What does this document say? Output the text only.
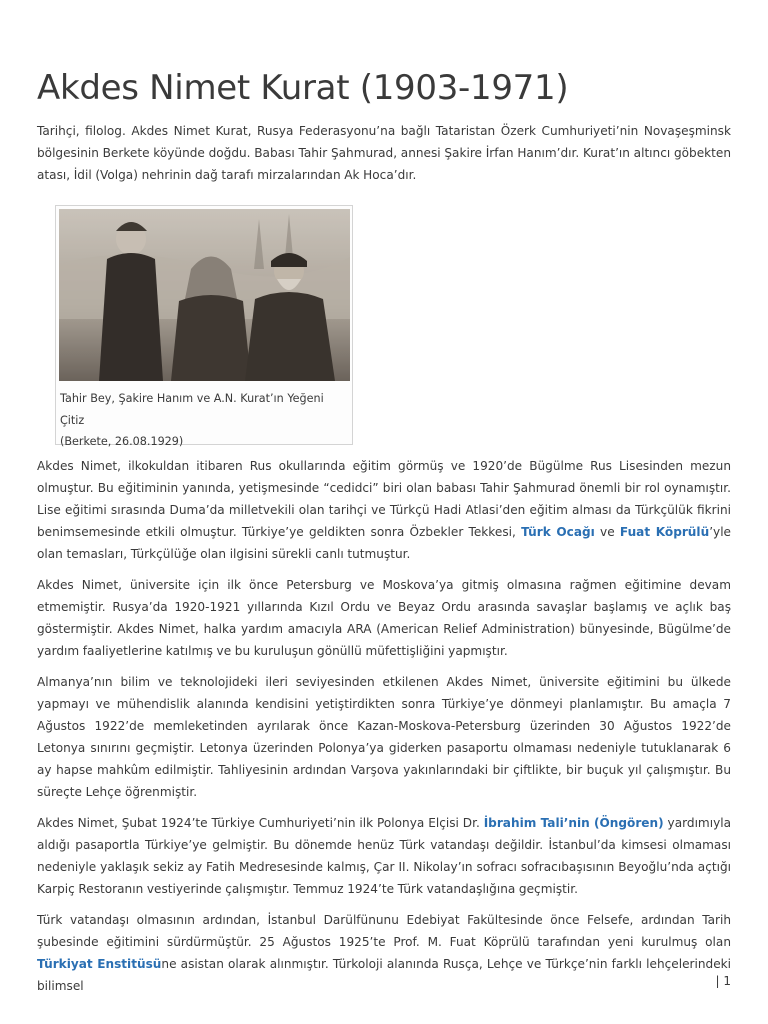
Akdes Nimet Kurat (1903-1971)

Tarihçi, filolog. Akdes Nimet Kurat, Rusya Federasyonu’na bağlı Tataristan Özerk Cumhuriyeti’nin Novaşeşminsk bölgesinin Berkete köyünde doğdu. Babası Tahir Şahmurad, annesi Şakire İrfan Hanım’dır. Kurat’ın altıncı göbekten atası, İdil (Volga) nehrinin dağ tarafı mirzalarından Ak Hoca’dır.

Tahir Bey, Şakire Hanım ve A.N. Kurat’ın Yeğeni Çitiz
(Berkete, 26.08.1929)

Akdes Nimet, ilkokuldan itibaren Rus okullarında eğitim görmüş ve 1920’de Bügülme Rus Lisesinden mezun olmuştur. Bu eğitiminin yanında, yetişmesinde “cedidci” biri olan babası Tahir Şahmurad önemli bir rol oynamıştır. Lise eğitimi sırasında Duma’da milletvekili olan tarihçi ve Türkçü Hadi Atlasi’den eğitim alması da Türkçülük fikrini benimsemesinde etkili olmuştur. Türkiye’ye geldikten sonra Özbekler Tekkesi, Türk Ocağı ve Fuat Köprülü’yle olan temasları, Türkçülüğe olan ilgisini sürekli canlı tutmuştur.

Akdes Nimet, üniversite için ilk önce Petersburg ve Moskova’ya gitmiş olmasına rağmen eğitimine devam etmemiştir. Rusya’da 1920-1921 yıllarında Kızıl Ordu ve Beyaz Ordu arasında savaşlar başlamış ve açlık baş göstermiştir. Akdes Nimet, halka yardım amacıyla ARA (American Relief Administration) bünyesinde, Bügülme’de yardım faaliyetlerine katılmış ve bu kuruluşun gönüllü müfettişliğini yapmıştır.

Almanya’nın bilim ve teknolojideki ileri seviyesinden etkilenen Akdes Nimet, üniversite eğitimini bu ülkede yapmayı ve mühendislik alanında kendisini yetiştirdikten sonra Türkiye’ye dönmeyi planlamıştır. Bu amaçla 7 Ağustos 1922’de memleketinden ayrılarak önce Kazan-Moskova-Petersburg üzerinden 30 Ağustos 1922’de Letonya sınırını geçmiştir. Letonya üzerinden Polonya’ya giderken pasaportu olmaması nedeniyle tutuklanarak 6 ay hapse mahkûm edilmiştir. Tahliyesinin ardından Varşova yakınlarındaki bir çiftlikte, bir buçuk yıl çalışmıştır. Bu süreçte Lehçe öğrenmiştir.

Akdes Nimet, Şubat 1924’te Türkiye Cumhuriyeti’nin ilk Polonya Elçisi Dr. İbrahim Tali’nin (Öngören) yardımıyla aldığı pasaportla Türkiye’ye gelmiştir. Bu dönemde henüz Türk vatandaşı değildir. İstanbul’da kimsesi olmaması nedeniyle yaklaşık sekiz ay Fatih Medresesinde kalmış, Çar II. Nikolay’ın sofracı sofracıbaşısının Beyoğlu’nda açtığı Karpiç Restoranın vestiyerinde çalışmıştır. Temmuz 1924’te Türk vatandaşlığına geçmiştir.

Türk vatandaşı olmasının ardından, İstanbul Darülfünunu Edebiyat Fakültesinde önce Felsefe, ardından Tarih şubesinde eğitimini sürdürmüştür. 25 Ağustos 1925’te Prof. M. Fuat Köprülü tarafından yeni kurulmuş olan Türkiyat Enstitüsüne asistan olarak alınmıştır. Türkoloji alanında Rusça, Lehçe ve Türkçe’nin farklı lehçelerindeki bilimsel	| 1
